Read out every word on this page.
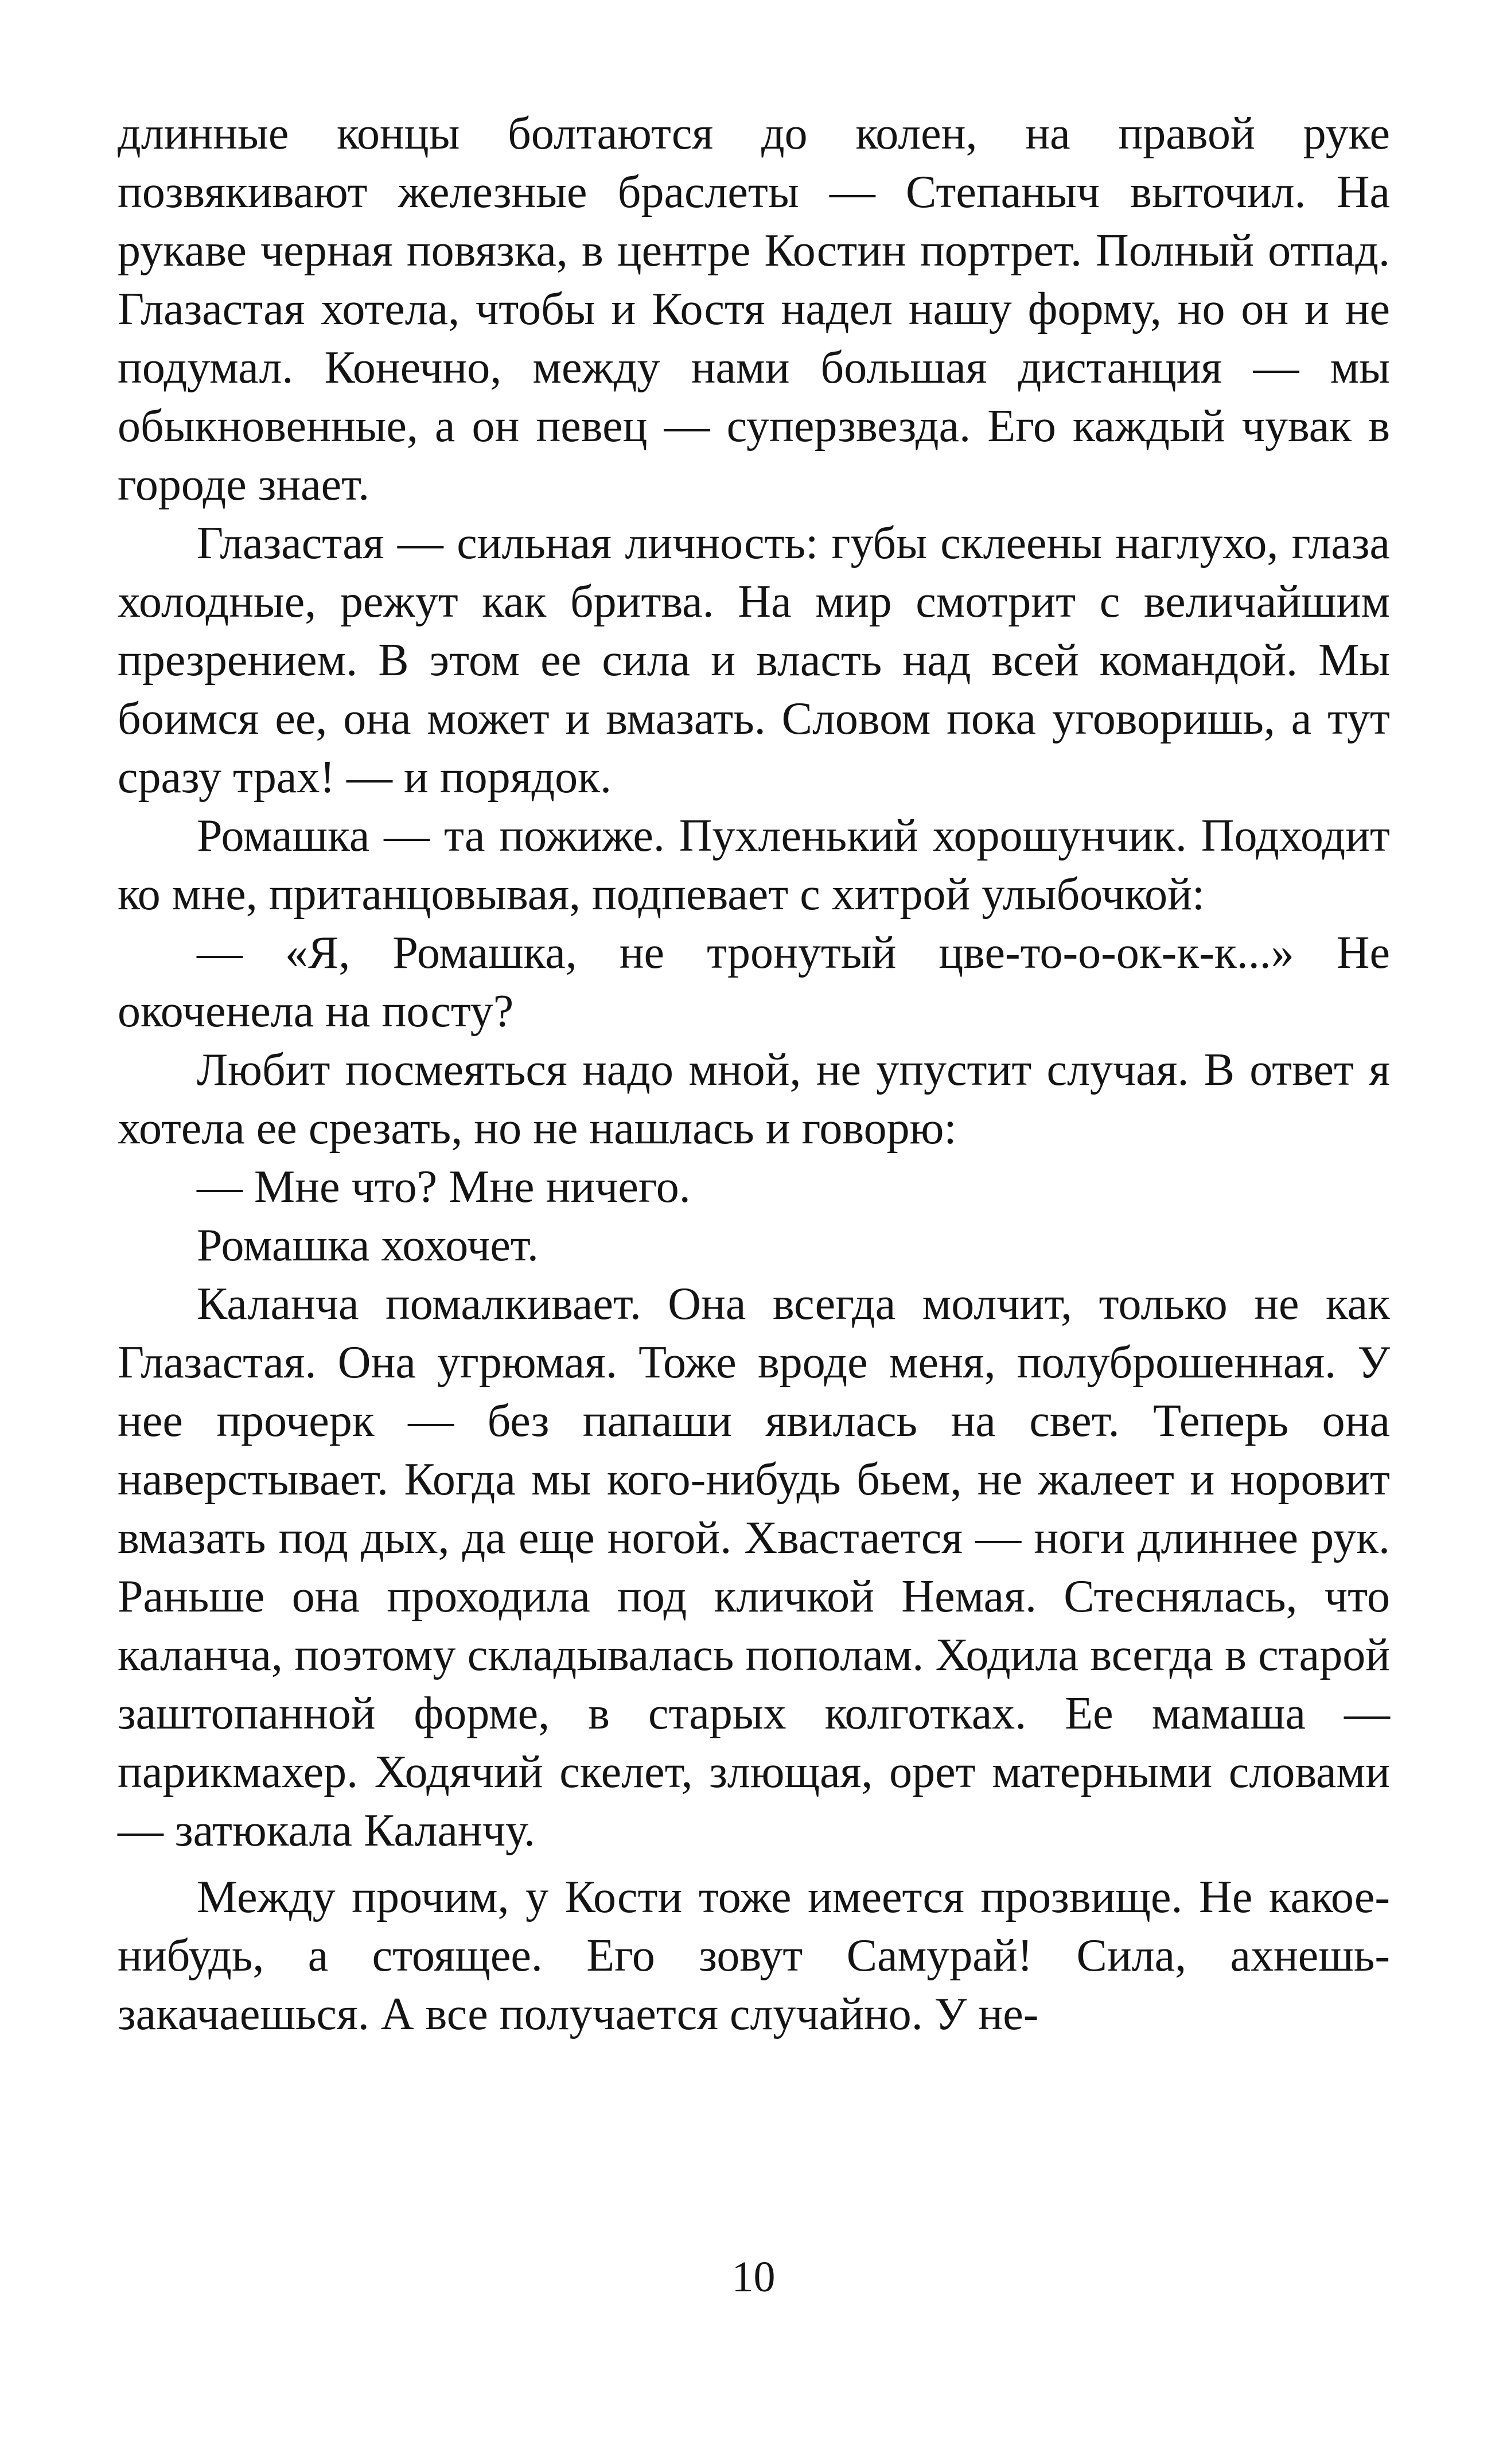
длинные концы болтаются до колен, на правой руке позвякивают железные браслеты — Степаныч выточил. На рукаве черная повязка, в центре Костин портрет. Полный отпад. Глазастая хотела, чтобы и Костя надел нашу форму, но он и не подумал. Конечно, между нами большая дистанция — мы обыкновенные, а он певец — суперзвезда. Его каждый чувак в городе знает.

Глазастая — сильная личность: губы склеены наглухо, глаза холодные, режут как бритва. На мир смотрит с величайшим презрением. В этом ее сила и власть над всей командой. Мы боимся ее, она может и вмазать. Словом пока уговоришь, а тут сразу трах! — и порядок.

Ромашка — та пожиже. Пухленький хорошунчик. Подходит ко мне, пританцовывая, подпевает с хитрой улыбочкой:

— «Я, Ромашка, не тронутый цве-то-о-ок-к-к...» Не окоченела на посту?

Любит посмеяться надо мной, не упустит случая. В ответ я хотела ее срезать, но не нашлась и говорю:

— Мне что? Мне ничего.

Ромашка хохочет.

Каланча помалкивает. Она всегда молчит, только не как Глазастая. Она угрюмая. Тоже вроде меня, полуброшенная. У нее прочерк — без папаши явилась на свет. Теперь она наверстывает. Когда мы кого-нибудь бьем, не жалеет и норовит вмазать под дых, да еще ногой. Хвастается — ноги длиннее рук. Раньше она проходила под кличкой Немая. Стеснялась, что каланча, поэтому складывалась пополам. Ходила всегда в старой заштопанной форме, в старых колготках. Ее мамаша — парикмахер. Ходячий скелет, злющая, орет матерными словами — затюкала Каланчу.

Между прочим, у Кости тоже имеется прозвище. Не какое-нибудь, а стоящее. Его зовут Самурай! Сила, ахнешь-закачаешься. А все получается случайно. У не-

10
